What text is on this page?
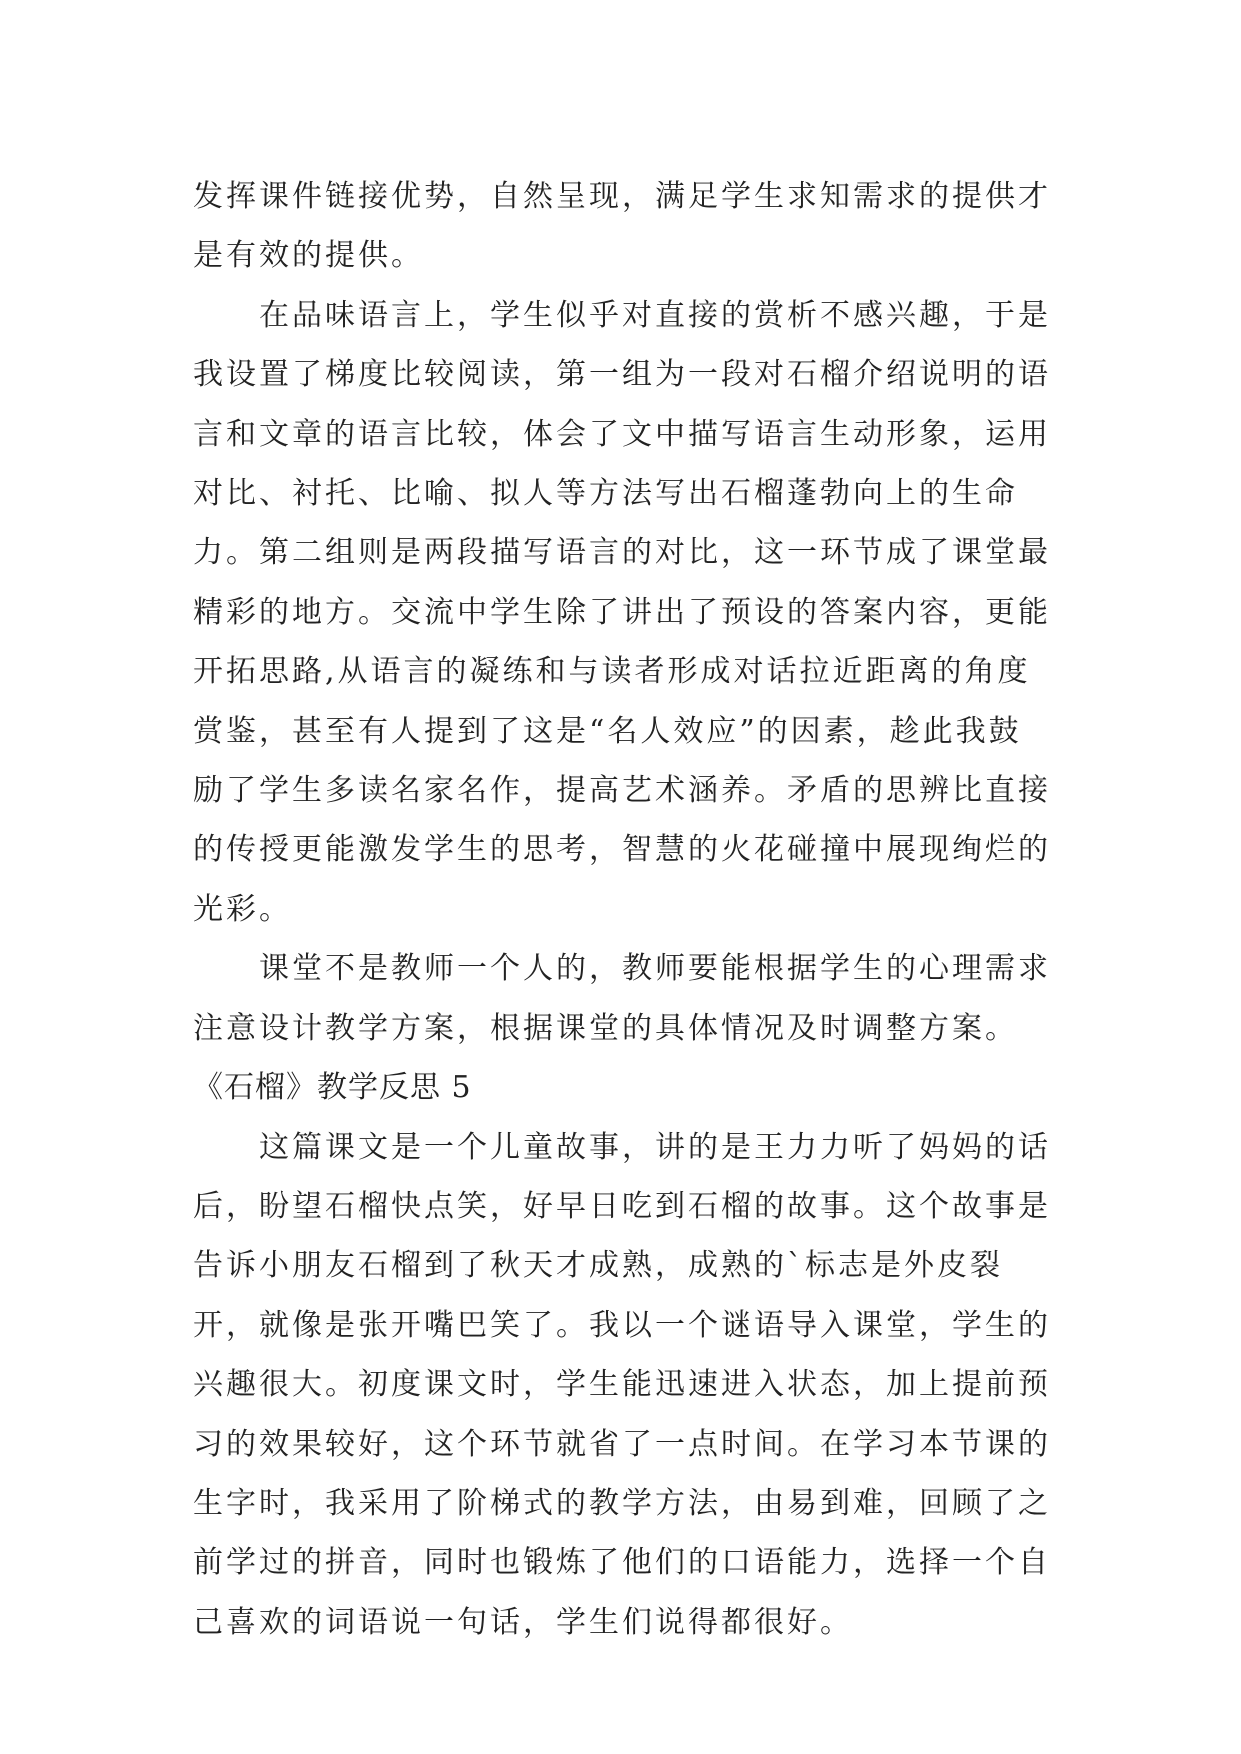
发挥课件链接优势，自然呈现，满足学生求知需求的提供才是有效的提供。

在品味语言上，学生似乎对直接的赏析不感兴趣，于是我设置了梯度比较阅读，第一组为一段对石榴介绍说明的语言和文章的语言比较，体会了文中描写语言生动形象，运用对比、衬托、比喻、拟人等方法写出石榴蓬勃向上的生命力。第二组则是两段描写语言的对比，这一环节成了课堂最精彩的地方。交流中学生除了讲出了预设的答案内容，更能开拓思路,从语言的凝练和与读者形成对话拉近距离的角度赏鉴，甚至有人提到了这是“名人效应”的因素，趁此我鼓励了学生多读名家名作，提高艺术涵养。矛盾的思辨比直接的传授更能激发学生的思考，智慧的火花碰撞中展现绚烂的光彩。

课堂不是教师一个人的，教师要能根据学生的心理需求注意设计教学方案，根据课堂的具体情况及时调整方案。

《石榴》教学反思 5

这篇课文是一个儿童故事，讲的是王力力听了妈妈的话后，盼望石榴快点笑，好早日吃到石榴的故事。这个故事是告诉小朋友石榴到了秋天才成熟，成熟的`标志是外皮裂开，就像是张开嘴巴笑了。我以一个谜语导入课堂，学生的兴趣很大。初度课文时，学生能迅速进入状态，加上提前预习的效果较好，这个环节就省了一点时间。在学习本节课的生字时，我采用了阶梯式的教学方法，由易到难，回顾了之前学过的拼音，同时也锻炼了他们的口语能力，选择一个自己喜欢的词语说一句话，学生们说得都很好。
